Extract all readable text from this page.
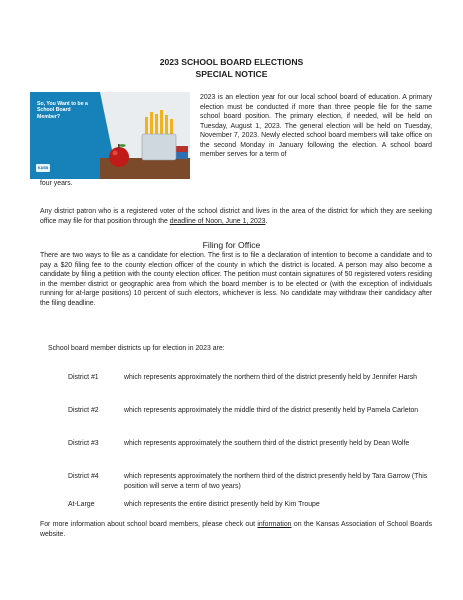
2023 SCHOOL BOARD ELECTIONS
SPECIAL NOTICE
So, You Want to be a School Board Member?
KASB
2023 is an election year for our local school board of education. A primary election must be conducted if more than three people file for the same school board position. The primary election, if needed, will be held on Tuesday, August 1, 2023. The general election will be held on Tuesday, November 7, 2023. Newly elected school board members will take office on the second Monday in January following the election. A school board member serves for a term of
four years.
Any district patron who is a registered voter of the school district and lives in the area of the district for which they are seeking office may file for that position through the deadline of Noon, June 1, 2023.
Filing for Office
There are two ways to file as a candidate for election. The first is to file a declaration of intention to become a candidate and to pay a $20 filing fee to the county election officer of the county in which the district is located. A person may also become a candidate by filing a petition with the county election officer. The petition must contain signatures of 50 registered voters residing in the member district or geographic area from which the board member is to be elected or (with the exception of individuals running for at-large positions) 10 percent of such electors, whichever is less. No candidate may withdraw their candidacy after the filing deadline.
School board member districts up for election in 2023 are:
District #1	which represents approximately the northern third of the district presently held by Jennifer Harsh
District #2	which represents approximately the middle third of the district presently held by Pamela Carleton
District #3	which represents approximately the southern third of the district presently held by Dean Wolfe
District #4	which represents approximately the northern third of the district presently held by Tara Garrow (This position will serve a term of two years)
At-Large	which represents the entire district presently held by Kim Troupe
For more information about school board members, please check out information on the Kansas Association of School Boards website.
